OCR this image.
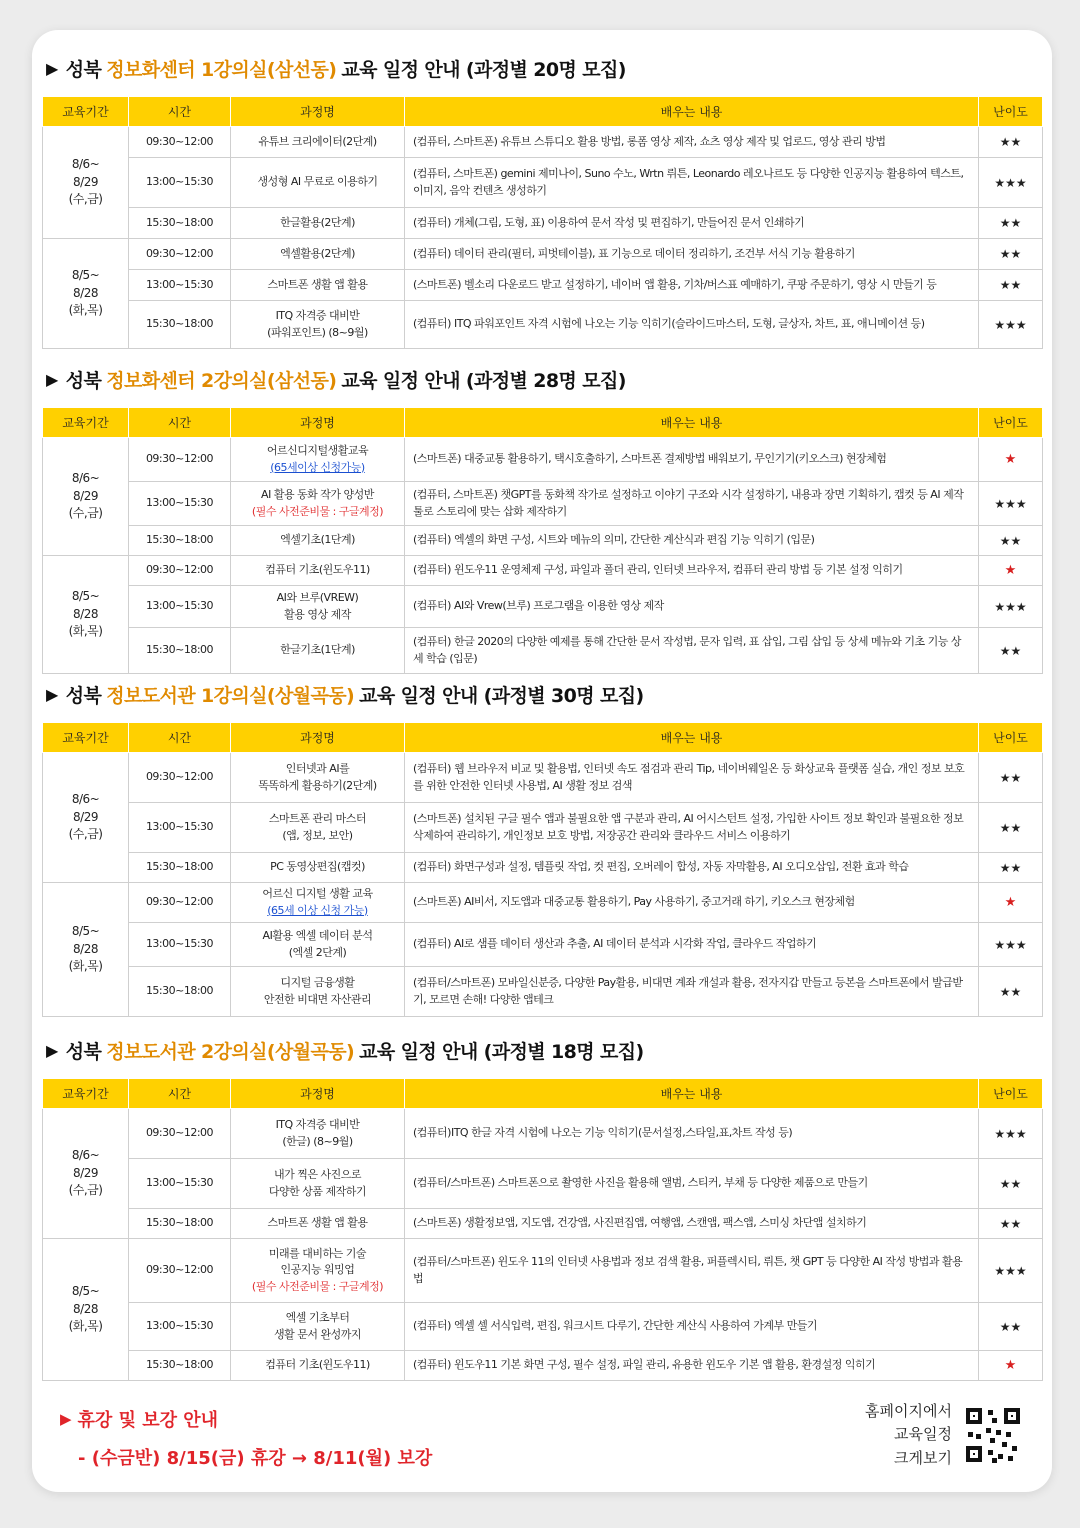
▶ 성북 정보화센터 1강의실(삼선동) 교육 일정 안내 (과정별 20명 모집)
교육기간	시간	과정명	배우는 내용	난이도
8/6~
8/29
(수,금)	09:30~12:00	유튜브 크리에이터(2단계)	(컴퓨터, 스마트폰) 유튜브 스튜디오 활용 방법, 롱폼 영상 제작, 쇼츠 영상 제작 및 업로드, 영상 관리 방법	★★
	13:00~15:30	생성형 AI 무료로 이용하기	(컴퓨터, 스마트폰) gemini 제미나이, Suno 수노, Wrtn 뤼튼, Leonardo 레오나르도 등 다양한 인공지능 활용하여 텍스트, 이미지, 음악 컨텐츠 생성하기	★★★
	15:30~18:00	한글활용(2단계)	(컴퓨터) 개체(그림, 도형, 표) 이용하여 문서 작성 및 편집하기, 만들어진 문서 인쇄하기	★★
8/5~
8/28
(화,목)	09:30~12:00	엑셀활용(2단계)	(컴퓨터) 데이터 관리(필터, 피벗테이블), 표 기능으로 데이터 정리하기, 조건부 서식 기능 활용하기	★★
	13:00~15:30	스마트폰 생활 앱 활용	(스마트폰) 벨소리 다운로드 받고 설정하기, 네이버 앱 활용, 기차/버스표 예매하기, 쿠팡 주문하기, 영상 시 만들기 등	★★
	15:30~18:00	ITQ 자격증 대비반
(파워포인트) (8~9월)	(컴퓨터) ITQ 파워포인트 자격 시험에 나오는 기능 익히기(슬라이드마스터, 도형, 글상자, 차트, 표, 애니메이션 등)	★★★
▶ 성북 정보화센터 2강의실(삼선동) 교육 일정 안내 (과정별 28명 모집)
교육기간	시간	과정명	배우는 내용	난이도
8/6~
8/29
(수,금)	09:30~12:00	어르신디지털생활교육
(65세이상 신청가능)	(스마트폰) 대중교통 활용하기, 택시호출하기, 스마트폰 결제방법 배워보기, 무인기기(키오스크) 현장체험	★
	13:00~15:30	AI 활용 동화 작가 양성반
(필수 사전준비물 : 구글계정)	(컴퓨터, 스마트폰) 챗GPT를 동화책 작가로 설정하고 이야기 구조와 시각 설정하기, 내용과 장면 기획하기, 캡컷 등 AI 제작툴로 스토리에 맞는 삽화 제작하기	★★★
	15:30~18:00	엑셀기초(1단계)	(컴퓨터) 엑셀의 화면 구성, 시트와 메뉴의 의미, 간단한 계산식과 편집 기능 익히기 (입문)	★★
8/5~
8/28
(화,목)	09:30~12:00	컴퓨터 기초(윈도우11)	(컴퓨터) 윈도우11 운영체제 구성, 파일과 폴더 관리, 인터넷 브라우저, 컴퓨터 관리 방법 등 기본 설정 익히기	★
	13:00~15:30	AI와 브루(VREW)
활용 영상 제작	(컴퓨터) AI와 Vrew(브루) 프로그램을 이용한 영상 제작	★★★
	15:30~18:00	한글기초(1단계)	(컴퓨터) 한글 2020의 다양한 예제를 통해 간단한 문서 작성법, 문자 입력, 표 삽입, 그림 삽입 등 상세 메뉴와 기초 기능 상세 학습 (입문)	★★
▶ 성북 정보도서관 1강의실(상월곡동) 교육 일정 안내 (과정별 30명 모집)
교육기간	시간	과정명	배우는 내용	난이도
8/6~
8/29
(수,금)	09:30~12:00	인터넷과 AI를
똑똑하게 활용하기(2단계)	(컴퓨터) 웹 브라우저 비교 및 활용법, 인터넷 속도 점검과 관리 Tip, 네이버웨일온 등 화상교육 플랫폼 실습, 개인 정보 보호를 위한 안전한 인터넷 사용법, AI 생활 정보 검색	★★
	13:00~15:30	스마트폰 관리 마스터
(앱, 정보, 보안)	(스마트폰) 설치된 구글 필수 앱과 불필요한 앱 구분과 관리, AI 어시스턴트 설정, 가입한 사이트 정보 확인과 불필요한 정보 삭제하여 관리하기, 개인정보 보호 방법, 저장공간 관리와 클라우드 서비스 이용하기	★★
	15:30~18:00	PC 동영상편집(캡컷)	(컴퓨터) 화면구성과 설정, 템플릿 작업, 컷 편집, 오버레이 합성, 자동 자막활용, AI 오디오삽입, 전환 효과 학습	★★
8/5~
8/28
(화,목)	09:30~12:00	어르신 디지털 생활 교육
(65세 이상 신청 가능)	(스마트폰) AI비서, 지도앱과 대중교통 활용하기, Pay 사용하기, 중고거래 하기, 키오스크 현장체험	★
	13:00~15:30	AI활용 엑셀 데이터 분석
(엑셀 2단계)	(컴퓨터) AI로 샘플 데이터 생산과 추출, AI 데이터 분석과 시각화 작업, 클라우드 작업하기	★★★
	15:30~18:00	디지털 금융생활
안전한 비대면 자산관리	(컴퓨터/스마트폰) 모바일신분증, 다양한 Pay활용, 비대면 계좌 개설과 활용, 전자지갑 만들고 등본을 스마트폰에서 발급받기, 모르면 손해! 다양한 앱테크	★★
▶ 성북 정보도서관 2강의실(상월곡동) 교육 일정 안내 (과정별 18명 모집)
교육기간	시간	과정명	배우는 내용	난이도
8/6~
8/29
(수,금)	09:30~12:00	ITQ 자격증 대비반
(한글) (8~9월)	(컴퓨터)ITQ 한글 자격 시험에 나오는 기능 익히기(문서설정,스타일,표,차트 작성 등)	★★★
	13:00~15:30	내가 찍은 사진으로
다양한 상품 제작하기	(컴퓨터/스마트폰) 스마트폰으로 촬영한 사진을 활용해 앨범, 스티커, 부채 등 다양한 제품으로 만들기	★★
	15:30~18:00	스마트폰 생활 앱 활용	(스마트폰) 생활정보앱, 지도앱, 건강앱, 사진편집앱, 여행앱, 스캔앱, 팩스앱, 스미싱 차단앱 설치하기	★★
8/5~
8/28
(화,목)	09:30~12:00	미래를 대비하는 기술
인공지능 워밍업
(필수 사전준비물 : 구글계정)	(컴퓨터/스마트폰) 윈도우 11의 인터넷 사용법과 정보 검색 활용, 퍼플렉시티, 뤼튼, 챗 GPT 등 다양한 AI 작성 방법과 활용법	★★★
	13:00~15:30	엑셀 기초부터
생활 문서 완성까지	(컴퓨터) 엑셀 셀 서식입력, 편집, 워크시트 다루기, 간단한 계산식 사용하여 가계부 만들기	★★
	15:30~18:00	컴퓨터 기초(윈도우11)	(컴퓨터) 윈도우11 기본 화면 구성, 필수 설정, 파일 관리, 유용한 윈도우 기본 앱 활용, 환경설정 익히기	★
▶ 휴강 및 보강 안내
- (수금반) 8/15(금) 휴강 → 8/11(월) 보강
홈페이지에서
교육일정
크게보기
